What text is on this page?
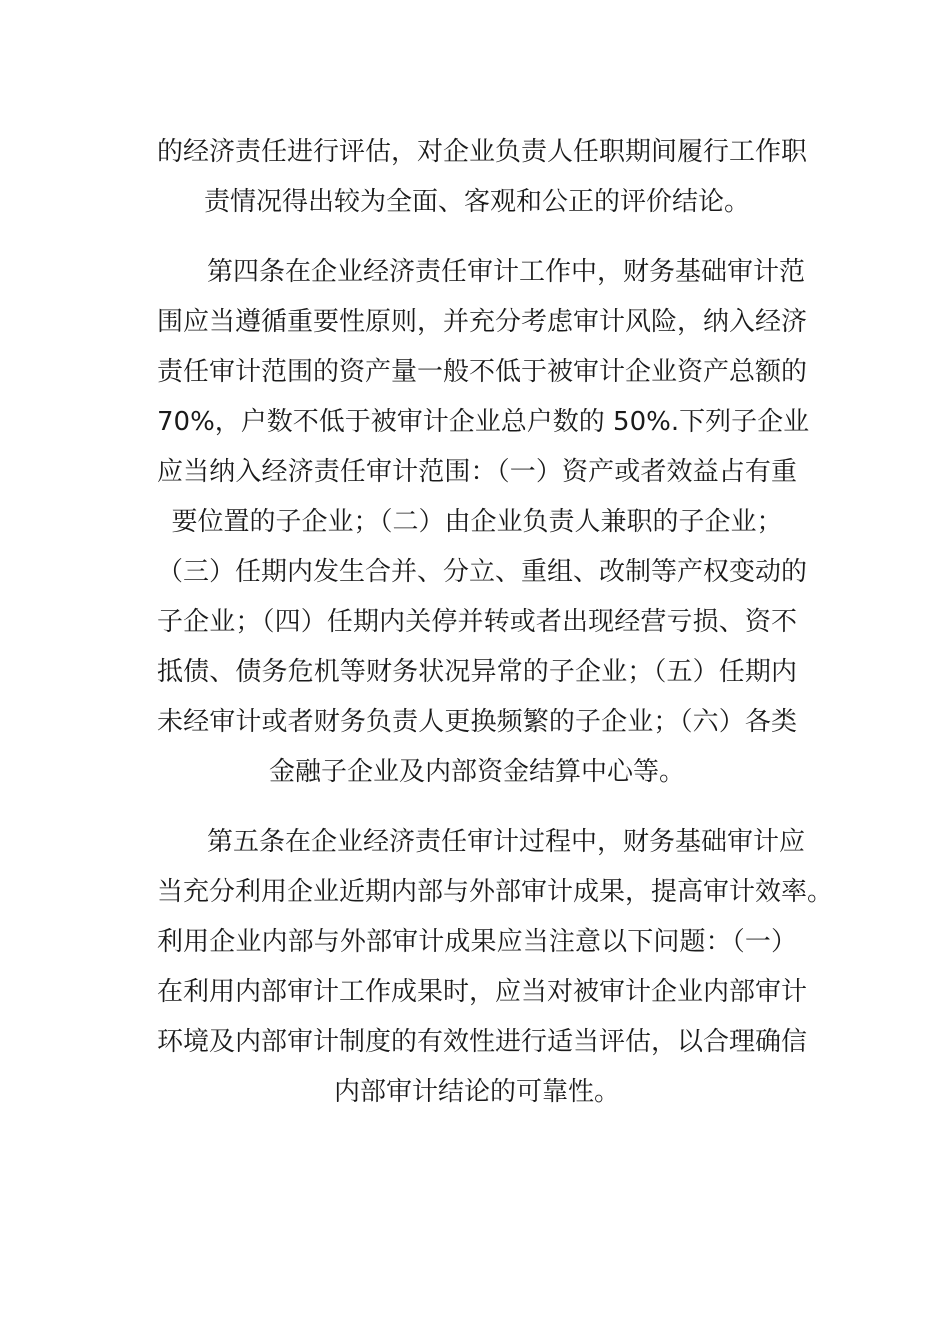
的经济责任进行评估，对企业负责人任职期间履行工作职
责情况得出较为全面、客观和公正的评价结论。
第四条在企业经济责任审计工作中，财务基础审计范
围应当遵循重要性原则，并充分考虑审计风险，纳入经济
责任审计范围的资产量一般不低于被审计企业资产总额的
70%，户数不低于被审计企业总户数的 50%.下列子企业
应当纳入经济责任审计范围：（一）资产或者效益占有重
要位置的子企业；（二）由企业负责人兼职的子企业；
（三）任期内发生合并、分立、重组、改制等产权变动的
子企业；（四）任期内关停并转或者出现经营亏损、资不
抵债、债务危机等财务状况异常的子企业；（五）任期内
未经审计或者财务负责人更换频繁的子企业；（六）各类
金融子企业及内部资金结算中心等。
第五条在企业经济责任审计过程中，财务基础审计应
当充分利用企业近期内部与外部审计成果，提高审计效率。
利用企业内部与外部审计成果应当注意以下问题：（一）
在利用内部审计工作成果时，应当对被审计企业内部审计
环境及内部审计制度的有效性进行适当评估，以合理确信
内部审计结论的可靠性。
